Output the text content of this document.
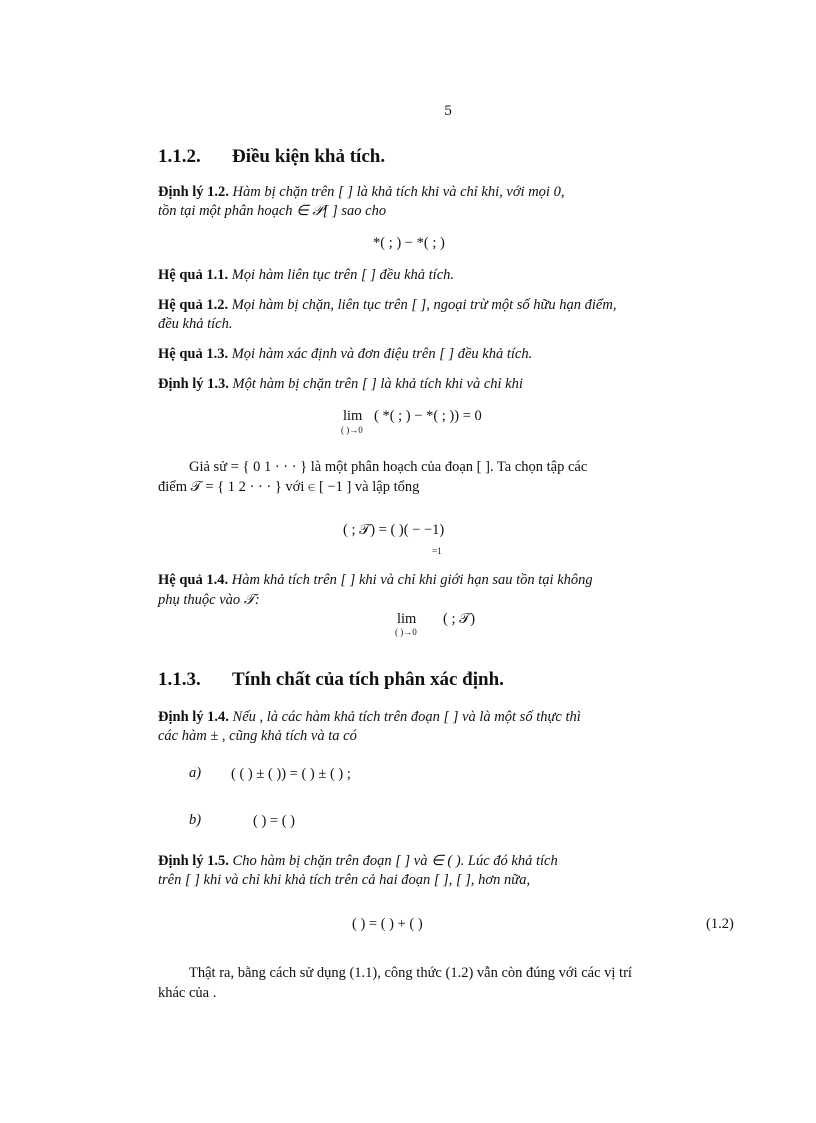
5
1.1.2. Điều kiện khả tích.
Định lý 1.2. Hàm bị chặn trên [ ] là khả tích khi và chỉ khi, với mọi 0,
tồn tại một phân hoạch ∈ 𝒫[ ] sao cho
*( ; ) − *( ; )
Hệ quả 1.1. Mọi hàm liên tục trên [ ] đều khả tích.
Hệ quả 1.2. Mọi hàm bị chặn, liên tục trên [ ], ngoại trừ một số hữu hạn điểm,
đều khả tích.
Hệ quả 1.3. Mọi hàm xác định và đơn điệu trên [ ] đều khả tích.
Định lý 1.3. Một hàm bị chặn trên [ ] là khả tích khi và chỉ khi
lim
( )→0
( *( ; ) − *( ; )) = 0
Giả sử = { 0 1 · · · } là một phân hoạch của đoạn [ ]. Ta chọn tập các
điểm 𝒯 = { 1 2 · · · } với ∈ [ −1 ] và lập tổng
( ; 𝒯) = ( )( − −1)
=1
Hệ quả 1.4. Hàm khả tích trên [ ] khi và chỉ khi giới hạn sau tồn tại không
phụ thuộc vào 𝒯:
lim
( )→0
( ; 𝒯)
1.1.3. Tính chất của tích phân xác định.
Định lý 1.4. Nếu , là các hàm khả tích trên đoạn [ ] và là một số thực thì
các hàm ± , cũng khả tích và ta có
a) ( ( ) ± ( )) = ( ) ± ( ) ;
b)	( ) = ( )
Định lý 1.5. Cho hàm bị chặn trên đoạn [ ] và ∈ ( ). Lúc đó khả tích
trên [ ] khi và chỉ khi khả tích trên cả hai đoạn [ ], [ ], hơn nữa,
( ) = ( ) + ( )	(1.2)
Thật ra, bằng cách sử dụng (1.1), công thức (1.2) vẫn còn đúng với các vị trí
khác của .
